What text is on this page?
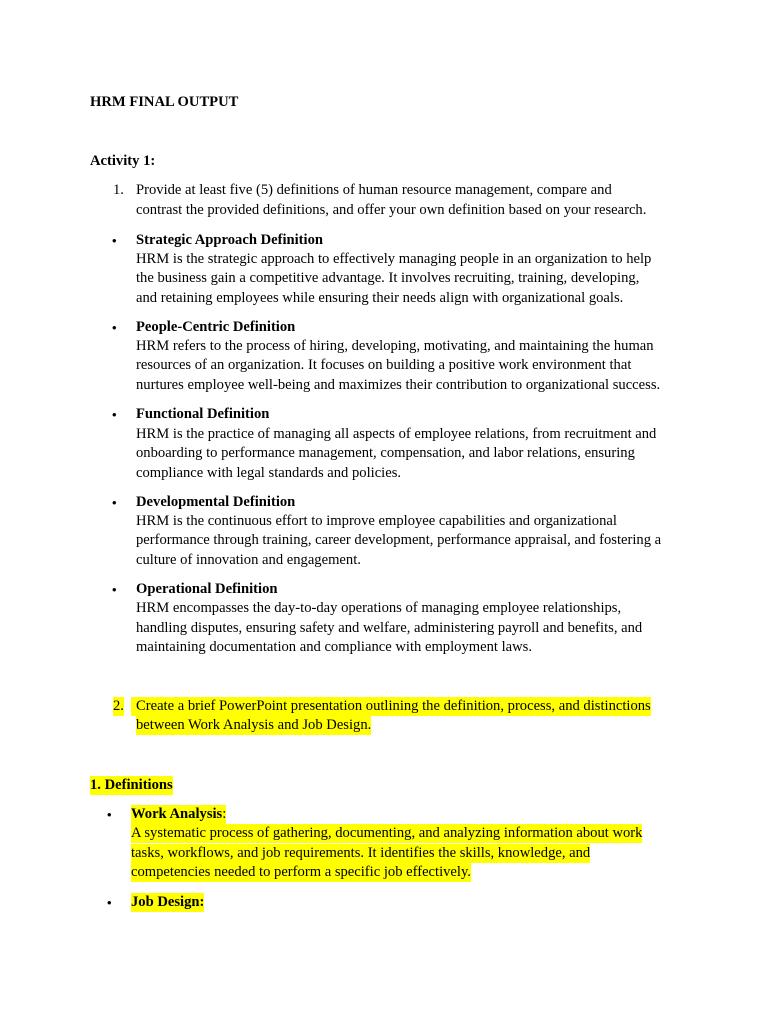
HRM FINAL OUTPUT
Activity 1:
1. Provide at least five (5) definitions of human resource management, compare and
contrast the provided definitions, and offer your own definition based on your research.
• Strategic Approach Definition
HRM is the strategic approach to effectively managing people in an organization to help
the business gain a competitive advantage. It involves recruiting, training, developing,
and retaining employees while ensuring their needs align with organizational goals.
• People-Centric Definition
HRM refers to the process of hiring, developing, motivating, and maintaining the human
resources of an organization. It focuses on building a positive work environment that
nurtures employee well-being and maximizes their contribution to organizational success.
• Functional Definition
HRM is the practice of managing all aspects of employee relations, from recruitment and
onboarding to performance management, compensation, and labor relations, ensuring
compliance with legal standards and policies.
• Developmental Definition
HRM is the continuous effort to improve employee capabilities and organizational
performance through training, career development, performance appraisal, and fostering a
culture of innovation and engagement.
• Operational Definition
HRM encompasses the day-to-day operations of managing employee relationships,
handling disputes, ensuring safety and welfare, administering payroll and benefits, and
maintaining documentation and compliance with employment laws.
2. Create a brief PowerPoint presentation outlining the definition, process, and distinctions
between Work Analysis and Job Design.
1. Definitions
• Work Analysis:
A systematic process of gathering, documenting, and analyzing information about work
tasks, workflows, and job requirements. It identifies the skills, knowledge, and
competencies needed to perform a specific job effectively.
• Job Design:
